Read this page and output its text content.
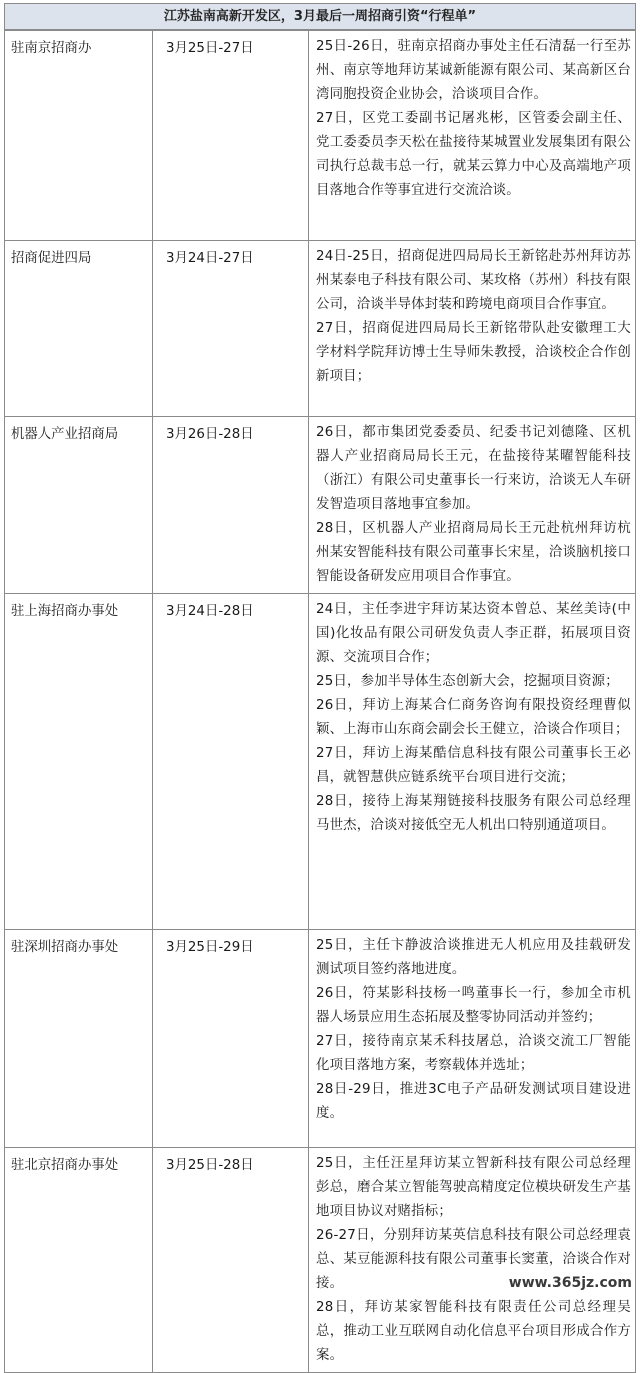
江苏盐南高新开发区，3月最后一周招商引资“行程单”
驻南京招商办	3月25日-27日	25日-26日，驻南京招商办事处主任石清磊一行至苏州、南京等地拜访某诚新能源有限公司、某高新区台湾同胞投资企业协会，洽谈项目合作。

27日，区党工委副书记屠兆彬，区管委会副主任、党工委委员李天松在盐接待某城置业发展集团有限公司执行总裁韦总一行，就某云算力中心及高端地产项目落地合作等事宜进行交流洽谈。

招商促进四局	3月24日-27日	24日-25日，招商促进四局局长王新铭赴苏州拜访苏州某泰电子科技有限公司、某玫格（苏州）科技有限公司，洽谈半导体封装和跨境电商项目合作事宜。

27日，招商促进四局局长王新铭带队赴安徽理工大学材料学院拜访博士生导师朱教授，洽谈校企合作创新项目；

机器人产业招商局	3月26日-28日	26日，都市集团党委委员、纪委书记刘德隆、区机器人产业招商局局长王元，在盐接待某曜智能科技（浙江）有限公司史董事长一行来访，洽谈无人车研发智造项目落地事宜参加。

28日，区机器人产业招商局局长王元赴杭州拜访杭州某安智能科技有限公司董事长宋星，洽谈脑机接口智能设备研发应用项目合作事宜。

驻上海招商办事处	3月24日-28日	24日，主任李进宇拜访某达资本曾总、某丝美诗(中国)化妆品有限公司研发负责人李正群，拓展项目资源、交流项目合作；

25日，参加半导体生态创新大会，挖掘项目资源；

26日，拜访上海某合仁商务咨询有限投资经理曹似颖、上海市山东商会副会长王健立，洽谈合作项目；

27日，拜访上海某酷信息科技有限公司董事长王必昌，就智慧供应链系统平台项目进行交流；

28日，接待上海某翔链接科技服务有限公司总经理马世杰，洽谈对接低空无人机出口特别通道项目。

驻深圳招商办事处	3月25日-29日	25日，主任卞静波洽谈推进无人机应用及挂载研发测试项目签约落地进度。

26日，符某影科技杨一鸣董事长一行，参加全市机器人场景应用生态拓展及整零协同活动并签约；

27日，接待南京某禾科技屠总，洽谈交流工厂智能化项目落地方案，考察载体并选址；

28日-29日，推进3C电子产品研发测试项目建设进度。

驻北京招商办事处	3月25日-28日	25日，主任汪星拜访某立智新科技有限公司总经理彭总，磨合某立智能驾驶高精度定位模块研发生产基地项目协议对赌指标；

26-27日，分别拜访某英信息科技有限公司总经理袁总、某豆能源科技有限公司董事长窦董，洽谈合作对接。

28日，拜访某家智能科技有限责任公司总经理吴总，推动工业互联网自动化信息平台项目形成合作方案。

www.365jz.com
